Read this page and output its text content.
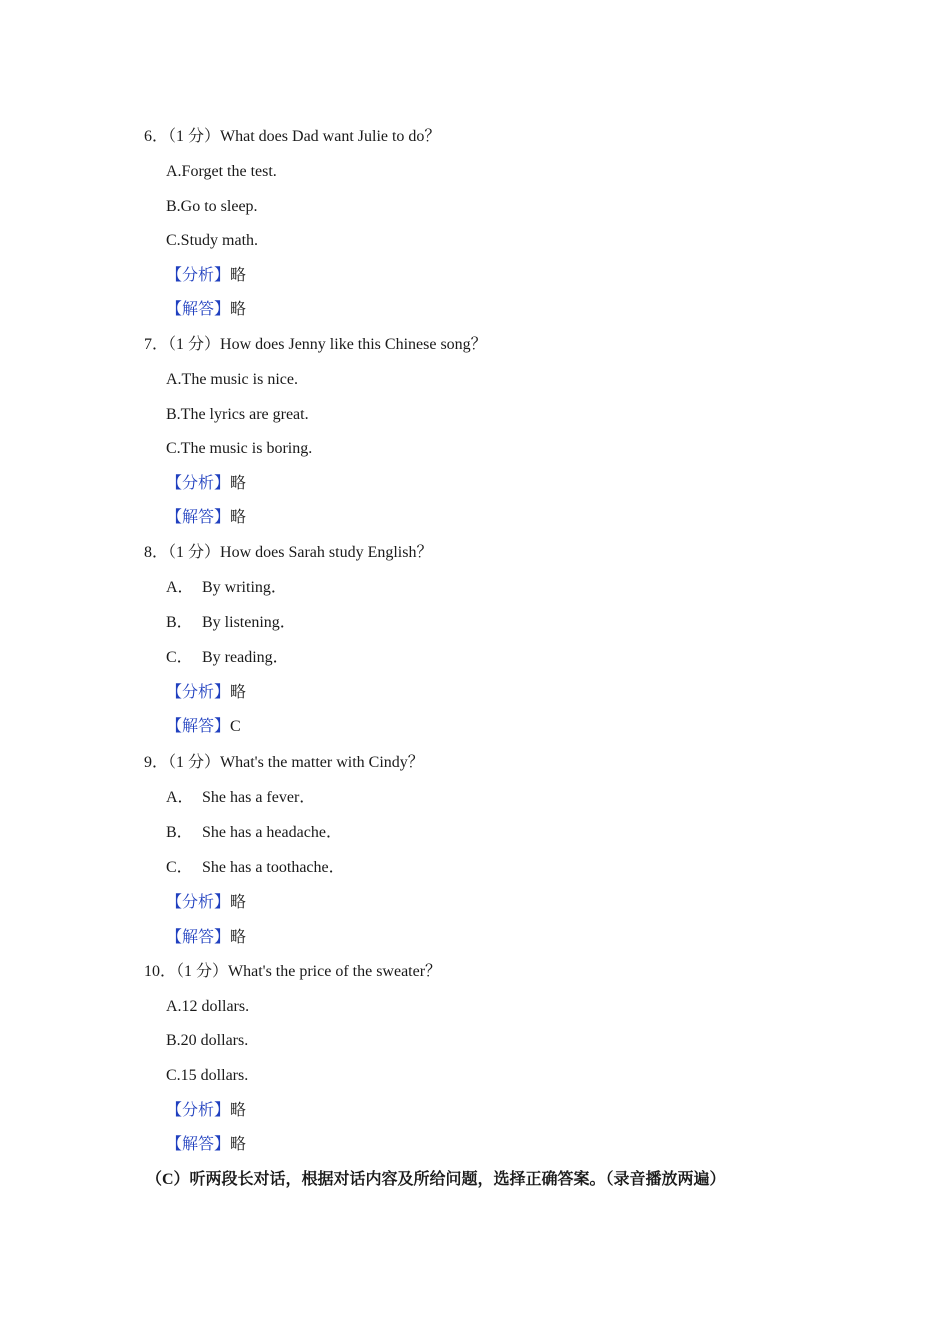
6．（1 分）What does Dad want Julie to do？
A.Forget the test.
B.Go to sleep.
C.Study math.
【分析】略
【解答】略
7．（1 分）How does Jenny like this Chinese song？
A.The music is nice.
B.The lyrics are great.
C.The music is boring.
【分析】略
【解答】略
8．（1 分）How does Sarah study English？
A． By writing．
B． By listening．
C． By reading．
【分析】略
【解答】C
9．（1 分）What's the matter with Cindy？
A． She has a fever．
B． She has a headache．
C． She has a toothache．
【分析】略
【解答】略
10．（1 分）What's the price of the sweater？
A.12 dollars.
B.20 dollars.
C.15 dollars.
【分析】略
【解答】略
（C）听两段长对话，根据对话内容及所给问题，选择正确答案。（录音播放两遍）
